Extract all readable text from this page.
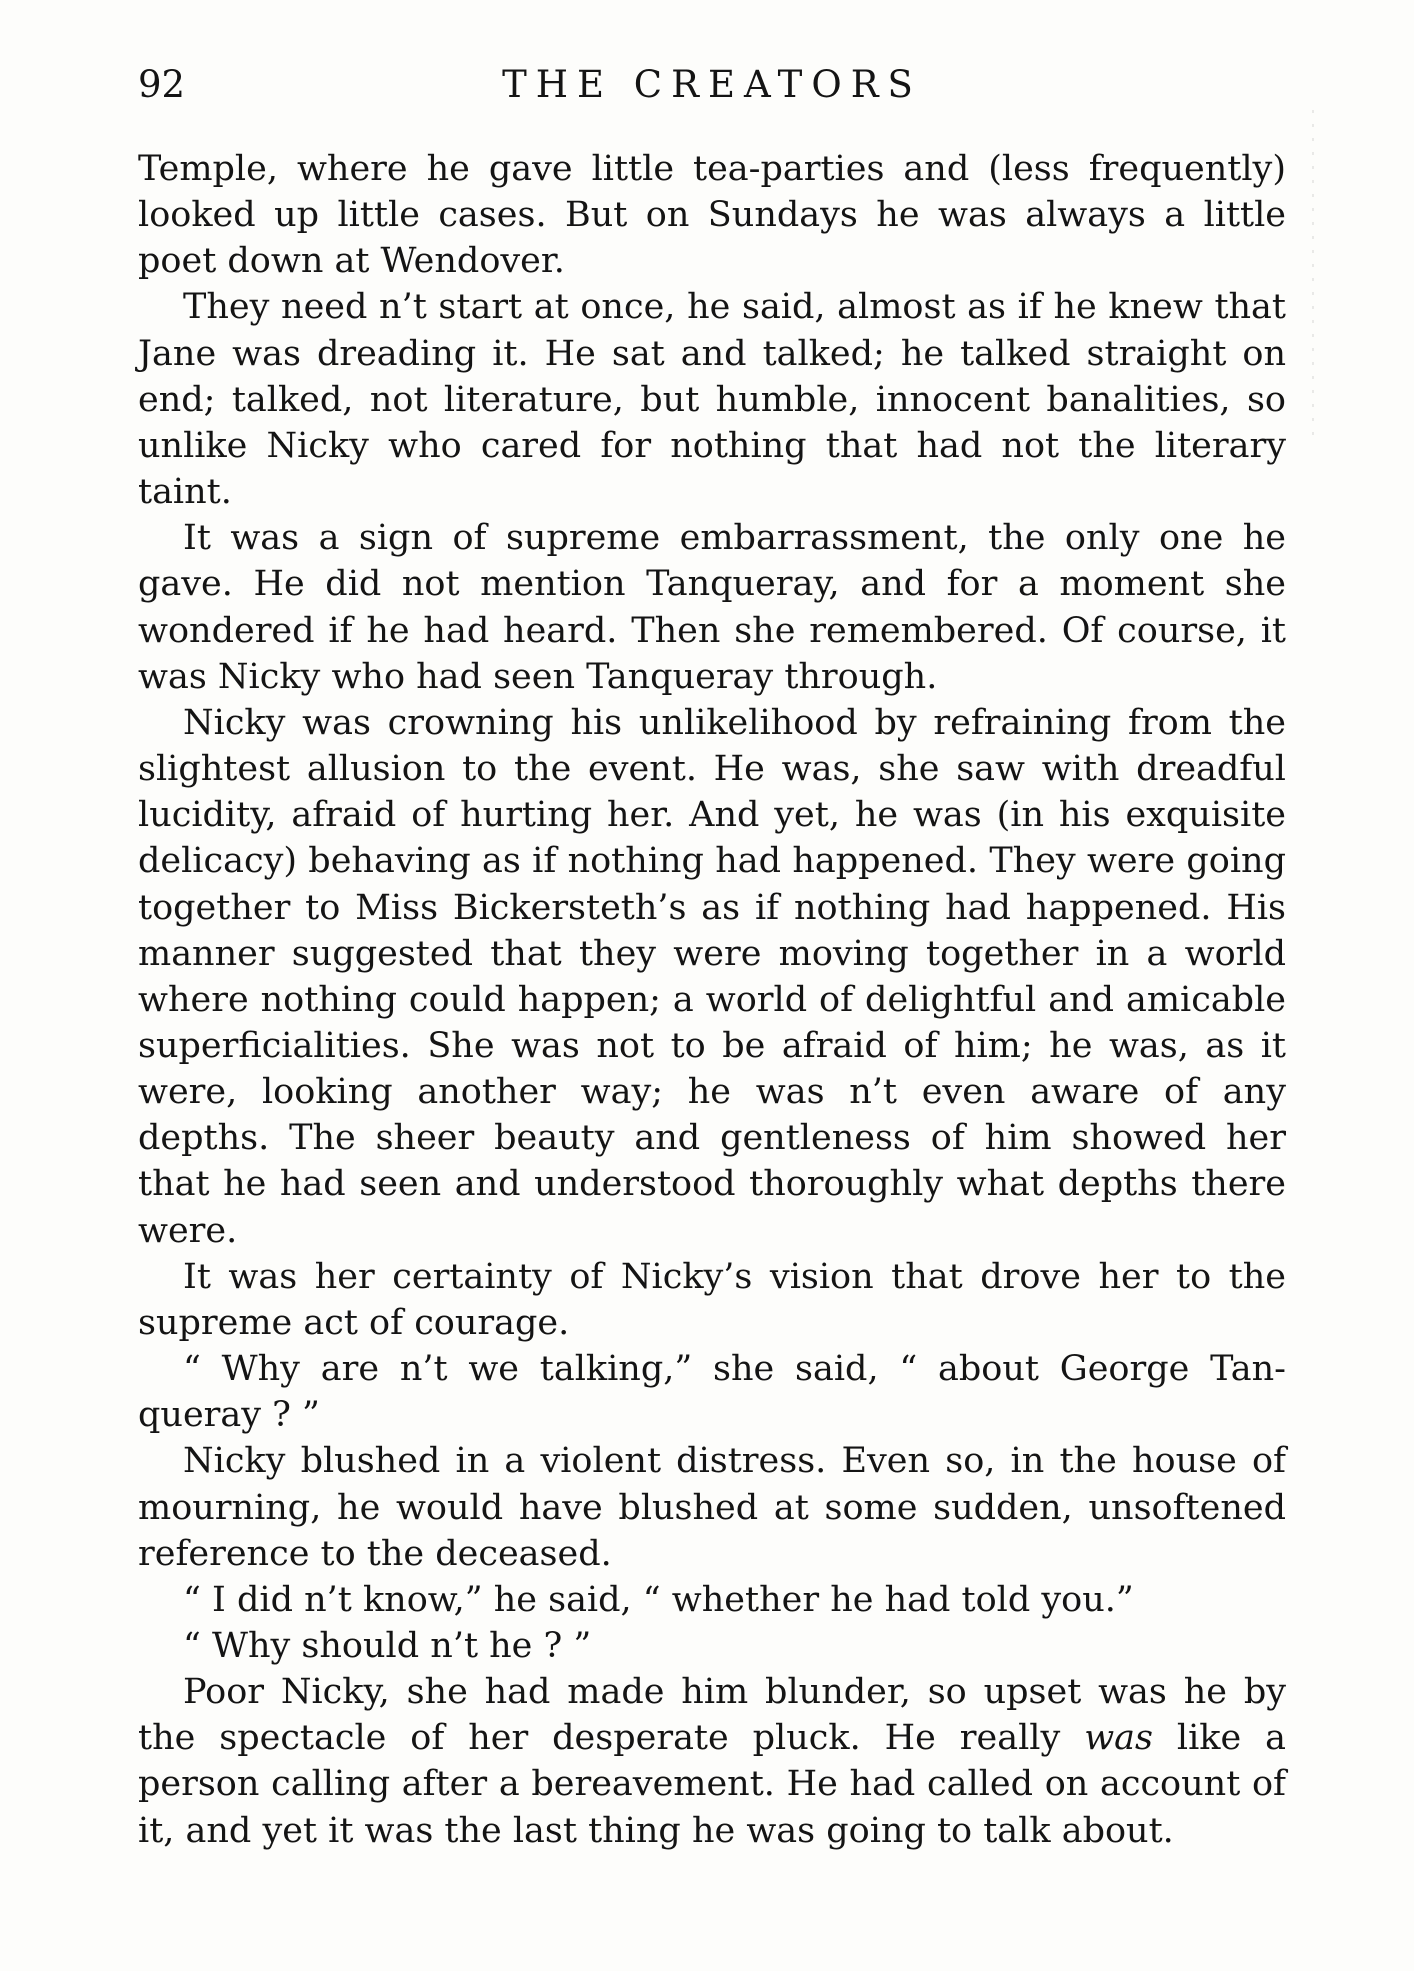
92	THE CREATORS

Temple, where he gave little tea-parties and (less frequently) looked up little cases. But on Sundays he was always a little poet down at Wendover.

They need n’t start at once, he said, almost as if he knew that Jane was dreading it. He sat and talked; he talked straight on end; talked, not literature, but humble, innocent banalities, so unlike Nicky who cared for nothing that had not the literary taint.

It was a sign of supreme embarrassment, the only one he gave. He did not mention Tanqueray, and for a moment she wondered if he had heard. Then she remembered. Of course, it was Nicky who had seen Tanqueray through.

Nicky was crowning his unlikelihood by refraining from the slightest allusion to the event. He was, she saw with dreadful lucidity, afraid of hurting her. And yet, he was (in his exquisite delicacy) behaving as if nothing had happened. They were going together to Miss Bickersteth’s as if nothing had happened. His manner suggested that they were moving together in a world where nothing could happen; a world of delightful and amicable superficialities. She was not to be afraid of him; he was, as it were, looking another way; he was n’t even aware of any depths. The sheer beauty and gentleness of him showed her that he had seen and understood thoroughly what depths there were.

It was her certainty of Nicky’s vision that drove her to the supreme act of courage.

“ Why are n’t we talking,” she said, “ about George Tanqueray ? ”

Nicky blushed in a violent distress. Even so, in the house of mourning, he would have blushed at some sudden, unsoftened reference to the deceased.

“ I did n’t know,” he said, “ whether he had told you.”

“ Why should n’t he ? ”

Poor Nicky, she had made him blunder, so upset was he by the spectacle of her desperate pluck. He really was like a person calling after a bereavement. He had called on account of it, and yet it was the last thing he was going to talk about.
